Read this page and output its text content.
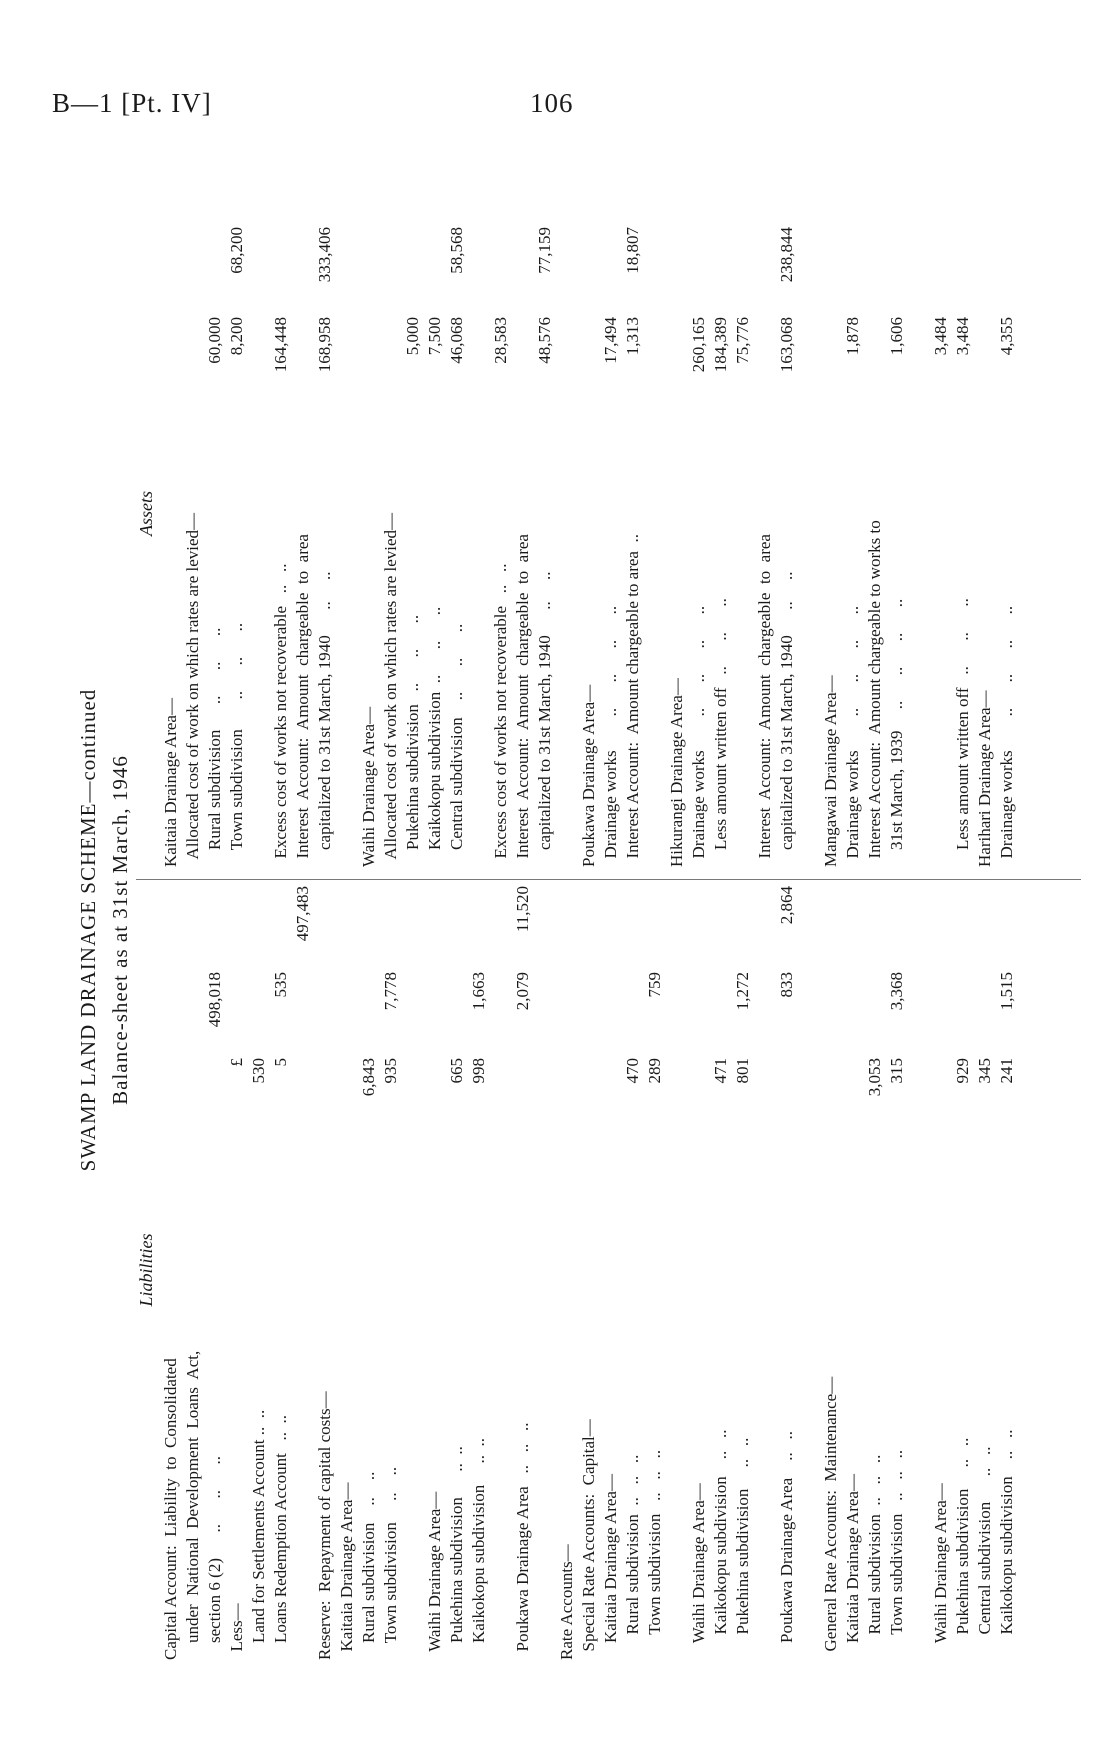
B—1 [Pt. IV]	106
SWAMP LAND DRAINAGE SCHEME—continued Balance-sheet as at 31st March, 1946
Liabilities
Capital Account:  Liability  to  Consolidated under  National  Development  Loans  Act, section 6 (2)      ..      ..      ..
498,018
Less—
£
Land for Settlements Account ..  ..
530
Loans Redemption Account   ..  ..
5
535
497,483
Reserve:  Repayment of capital costs— Kaitaia Drainage Area— Rural subdivision    ..    ..
6,843
Town subdivision     ..    ..
935
7,778
Waihi Drainage Area— Pukehina subdivision      ..  ..
665
Kaikokopu subdivision     ..  ..
998
1,663
Poukawa Drainage Area   ..   ..   ..
2,079
11,520
Rate Accounts— Special Rate Accounts:  Capital— Kaitaia Drainage Area— Rural subdivision  ..   ..   ..
470
Town subdivision   ..   ..   ..
289
759
Waihi Drainage Area— Kaikokopu subdivision    ..   ..
471
Pukehina subdivision     ..   ..
801
1,272
Poukawa Drainage Area    ..   ..
833
2,864
General Rate Accounts:  Maintenance— Kaitaia Drainage Area— Rural subdivision  ..   ..   ..
3,053
Town subdivision   ..   ..   ..
315
3,368
Waihi Drainage Area— Pukehina subdivision     ..   ..
929
Central subdivision      ..   ..
345
Kaikokopu subdivision    ..   ..
241
1,515
Assets
Kaitaia Drainage Area— Allocated cost of work on which rates are levied— Rural subdivision      ..      ..      ..
60,000
Town subdivision       ..      ..      ..
8,200
68,200
Excess cost of works not recoverable   ..   ..
164,448
Interest  Account:  Amount  chargeable  to  area capitalized to 31st March, 1940      ..     ..
168,958
333,406
Waihi Drainage Area— Allocated cost of work on which rates are levied— Pukehina subdivision   ..      ..      ..
5,000
Kaikokopu subdivision  ..      ..      ..
7,500
Central subdivision    ..      ..      ..
46,068
58,568
Excess cost of works not recoverable   ..   ..
28,583
Interest  Account:  Amount  chargeable  to  area capitalized to 31st March, 1940      ..     ..
48,576
77,159
Poukawa Drainage Area— Drainage works        ..      ..      ..      ..
17,494
Interest Account:  Amount chargeable to area  ..
1,313
18,807
Hikurangi Drainage Area— Drainage works        ..      ..      ..      ..
260,165
Less amount written off   ..      ..      ..
184,389 75,776
Interest  Account:  Amount  chargeable  to  area capitalized to 31st March, 1940      ..     ..
163,068
238,844
Mangawai Drainage Area— Drainage works        ..      ..      ..      ..
1,878
Interest Account:  Amount chargeable to works to 31st March, 1939     ..      ..      ..      ..
1,606 3,484
Less amount written off   ..      ..      ..
3,484
Harihari Drainage Area— Drainage works        ..      ..      ..      ..
4,355
